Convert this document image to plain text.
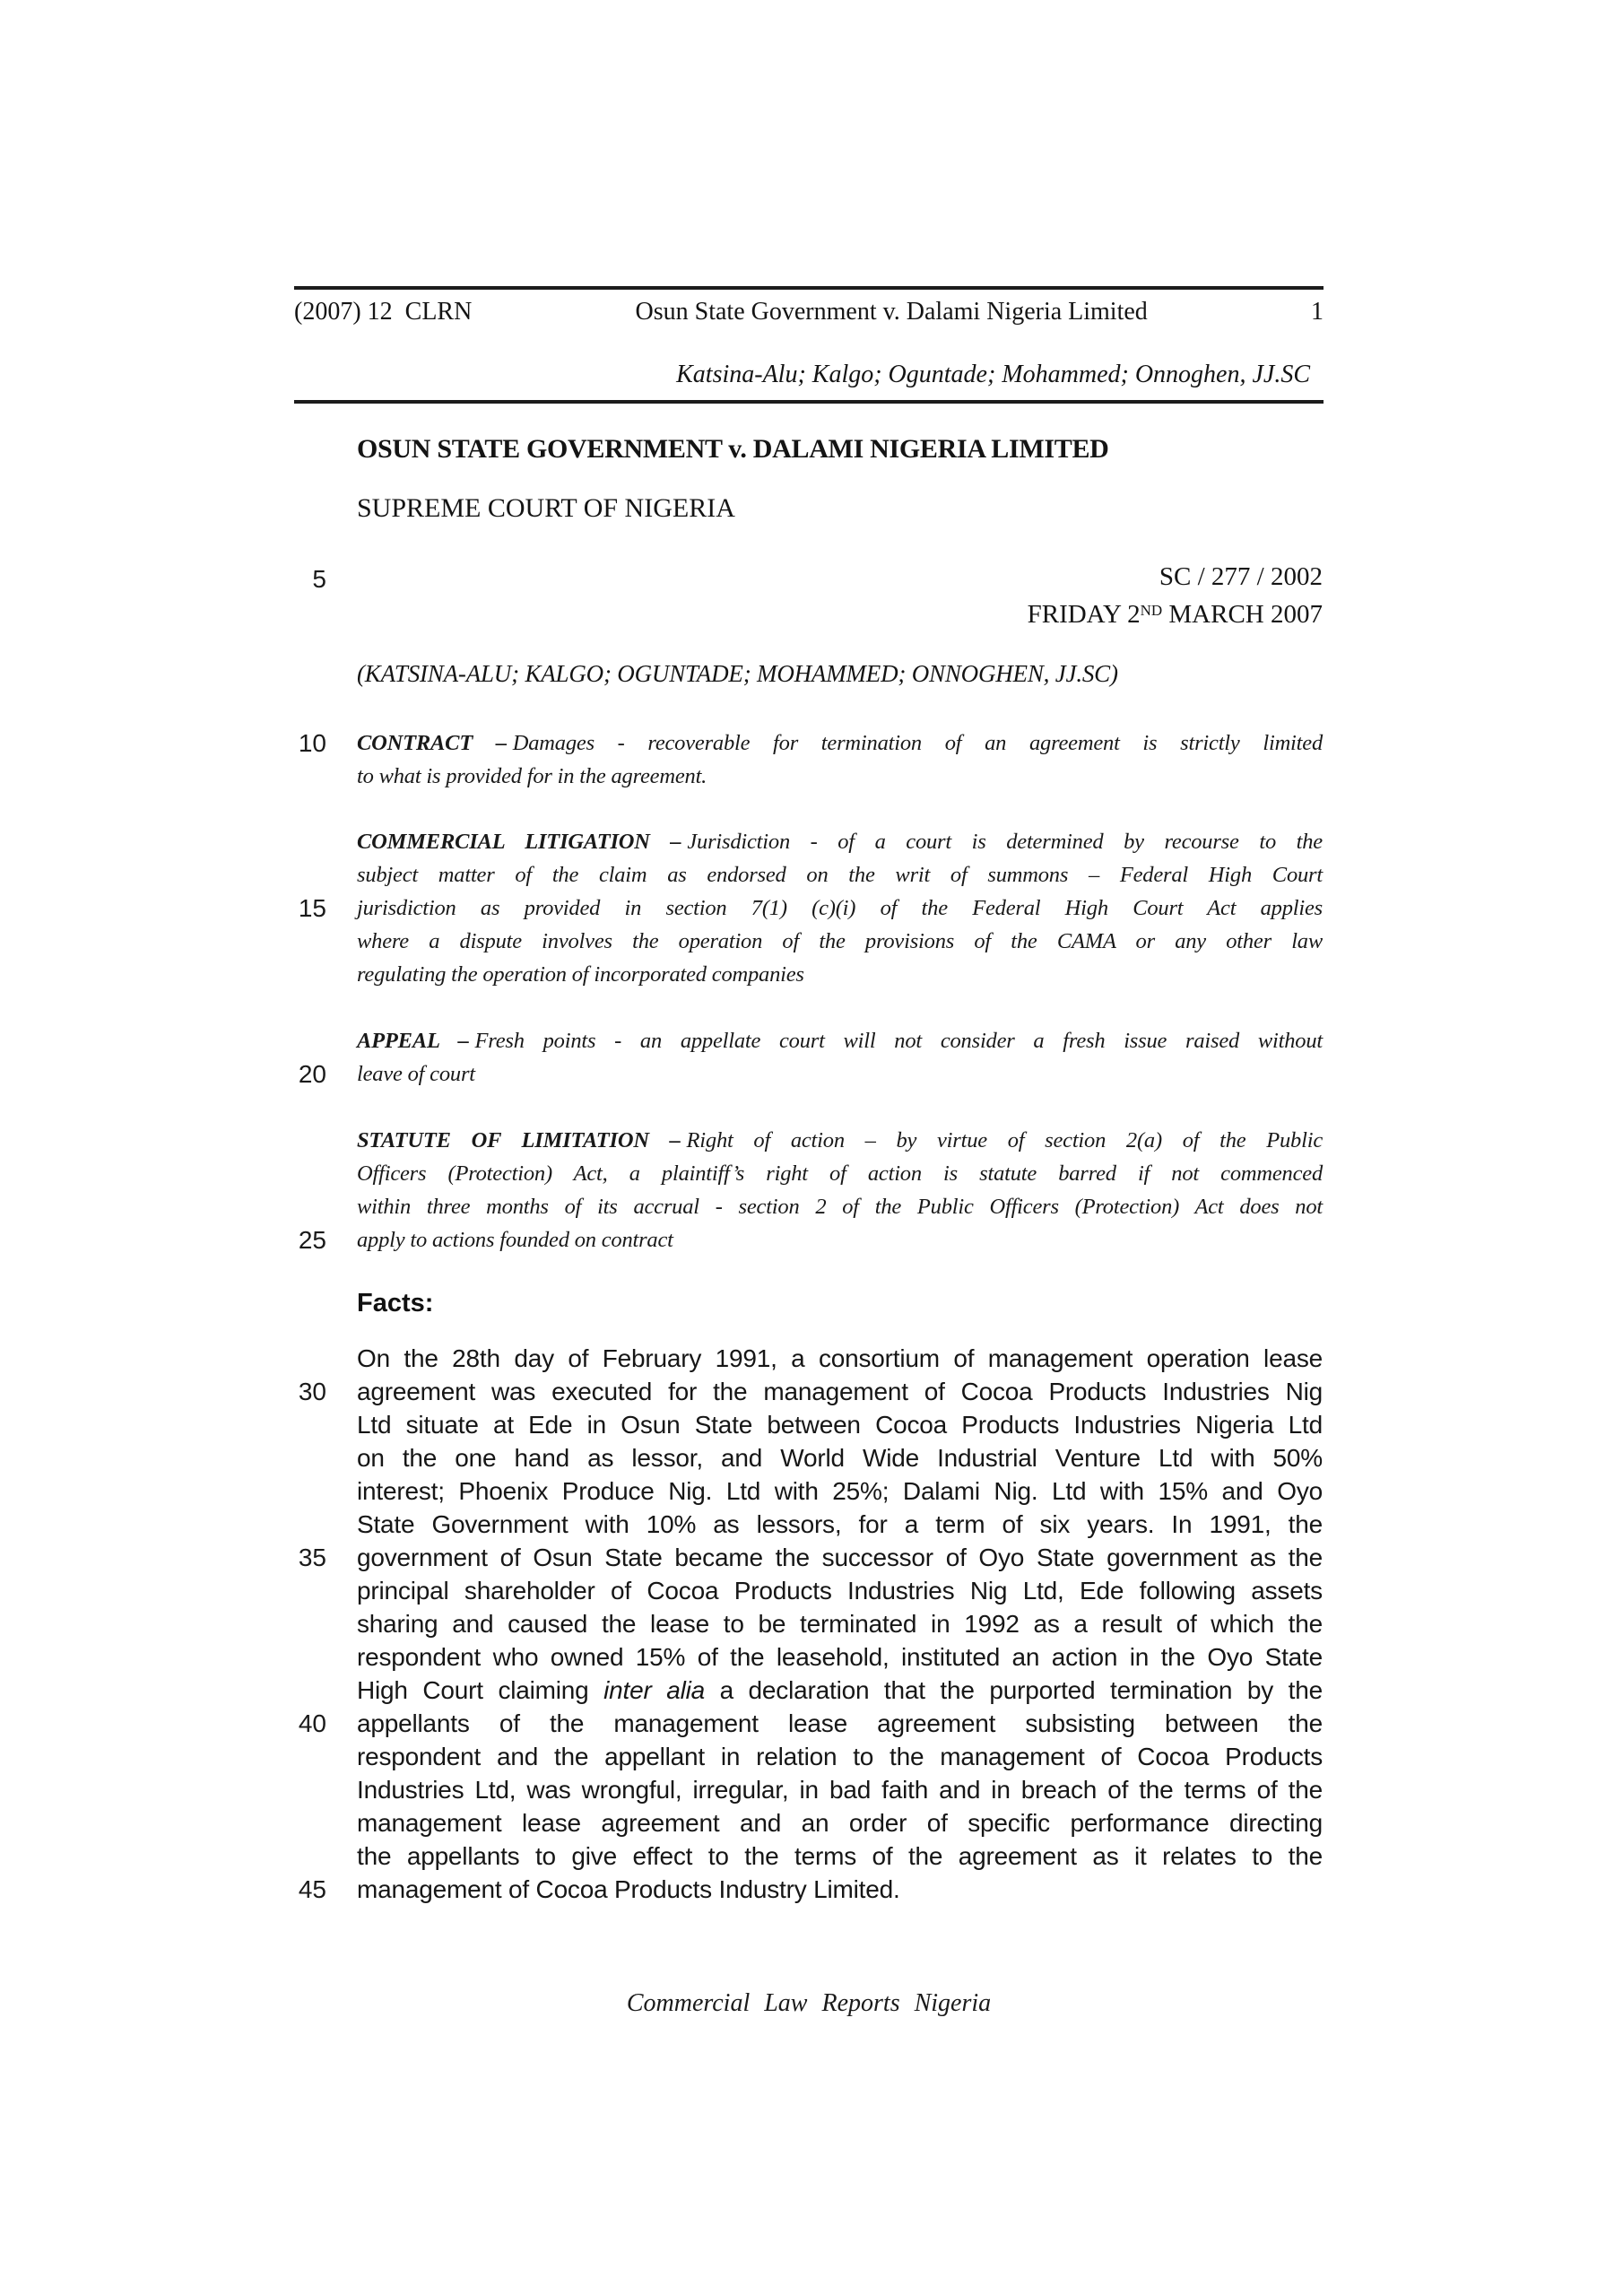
(2007) 12  CLRN	Osun State Government v. Dalami Nigeria Limited	1
Katsina-Alu; Kalgo; Oguntade; Mohammed; Onnoghen, JJ.SC
OSUN STATE GOVERNMENT v. DALAMI NIGERIA LIMITED
SUPREME COURT OF NIGERIA
SC / 277 / 2002
FRIDAY 2ND MARCH 2007
(KATSINA-ALU; KALGO; OGUNTADE; MOHAMMED; ONNOGHEN, JJ.SC)
5
10
15
20
25
30
35
40
45
CONTRACT – Damages - recoverable for termination of an agreement is strictly limited
to what is provided for in the agreement.
COMMERCIAL LITIGATION – Jurisdiction - of a court is determined by recourse to the
subject matter of the claim as endorsed on the writ of summons – Federal High Court
jurisdiction as provided in section 7(1) (c)(i) of the Federal High Court Act applies
where a dispute involves the operation of the provisions of the CAMA or any other law
regulating the operation of incorporated companies
APPEAL – Fresh points - an appellate court will not consider a fresh issue raised without
leave of court
STATUTE OF LIMITATION – Right of action – by virtue of section 2(a) of the Public
Officers (Protection) Act, a plaintiff’s right of action is statute barred if not commenced
within three months of its accrual - section 2 of the Public Officers (Protection) Act does not
apply to actions founded on contract
Facts:
On the 28th day of February 1991, a consortium of management operation lease
agreement was executed for the management of Cocoa Products Industries Nig
Ltd situate at Ede in Osun State between Cocoa Products Industries Nigeria Ltd
on the one hand as lessor, and World Wide Industrial Venture Ltd with 50%
interest; Phoenix Produce Nig. Ltd with 25%; Dalami Nig. Ltd with 15% and Oyo
State Government with 10% as lessors, for a term of six years. In 1991, the
government of Osun State became the successor of Oyo State government as the
principal shareholder of Cocoa Products Industries Nig Ltd, Ede following assets
sharing and caused the lease to be terminated in 1992 as a result of which the
respondent who owned 15% of the leasehold, instituted an action in the Oyo State
High Court claiming inter alia a declaration that the purported termination by the
appellants of the management lease agreement subsisting between the
respondent and the appellant in relation to the management of Cocoa Products
Industries Ltd, was wrongful, irregular, in bad faith and in breach of the terms of the
management lease agreement and an order of specific performance directing
the appellants to give effect to the terms of the agreement as it relates to the
management of Cocoa Products Industry Limited.
Commercial Law Reports Nigeria
